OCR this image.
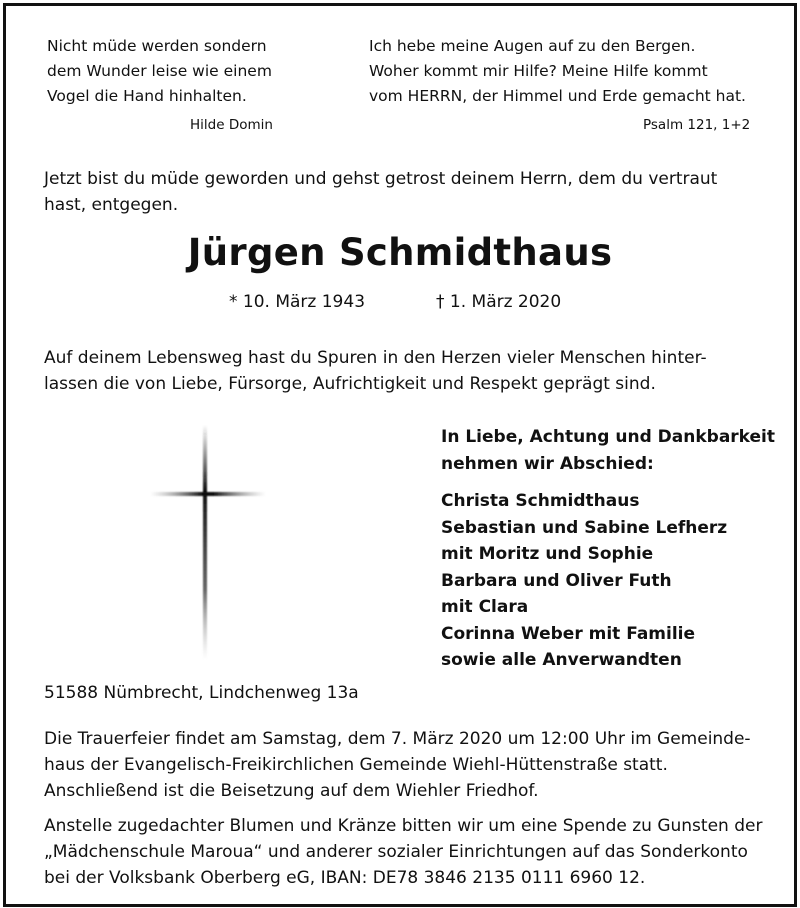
Nicht müde werden sondern
dem Wunder leise wie einem
Vogel die Hand hinhalten.
Hilde Domin
Ich hebe meine Augen auf zu den Bergen.
Woher kommt mir Hilfe? Meine Hilfe kommt
vom HERRN, der Himmel und Erde gemacht hat.
Psalm 121, 1+2
Jetzt bist du müde geworden und gehst getrost deinem Herrn, dem du vertraut
hast, entgegen.
Jürgen Schmidthaus
* 10. März 1943	† 1. März 2020
Auf deinem Lebensweg hast du Spuren in den Herzen vieler Menschen hinter-
lassen die von Liebe, Fürsorge, Aufrichtigkeit und Respekt geprägt sind.
In Liebe, Achtung und Dankbarkeit
nehmen wir Abschied:
Christa Schmidthaus
Sebastian und Sabine Lefherz
mit Moritz und Sophie
Barbara und Oliver Futh
mit Clara
Corinna Weber mit Familie
sowie alle Anverwandten
51588 Nümbrecht, Lindchenweg 13a
Die Trauerfeier findet am Samstag, dem 7. März 2020 um 12:00 Uhr im Gemeinde-
haus der Evangelisch-Freikirchlichen Gemeinde Wiehl-Hüttenstraße statt.
Anschließend ist die Beisetzung auf dem Wiehler Friedhof.
Anstelle zugedachter Blumen und Kränze bitten wir um eine Spende zu Gunsten der
„Mädchenschule Maroua“ und anderer sozialer Einrichtungen auf das Sonderkonto
bei der Volksbank Oberberg eG, IBAN: DE78 3846 2135 0111 6960 12.
